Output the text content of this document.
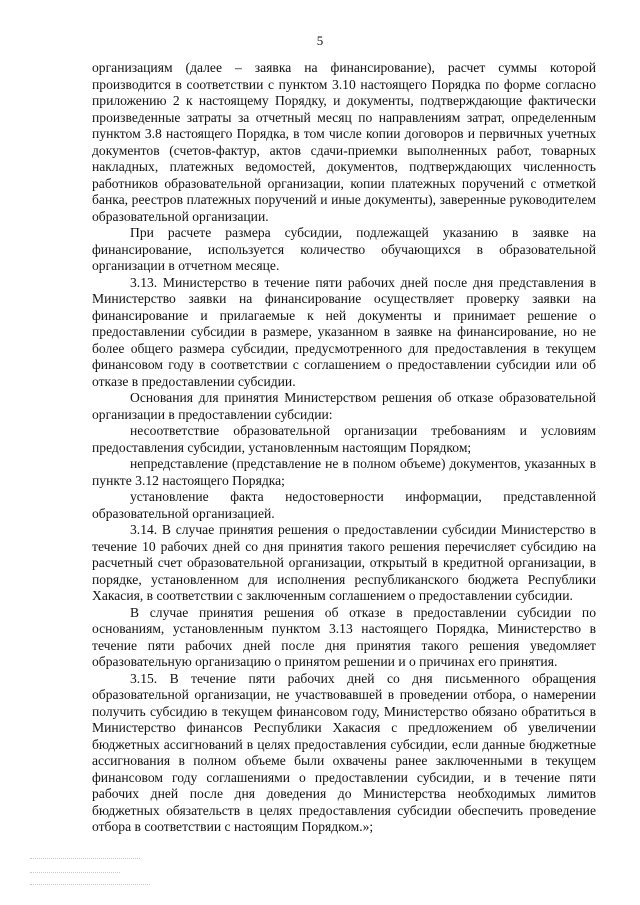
5

организациям (далее – заявка на финансирование), расчет суммы которой производится в соответствии с пунктом 3.10 настоящего Порядка по форме согласно приложению 2 к настоящему Порядку, и документы, подтверждающие фактически произведенные затраты за отчетный месяц по направлениям затрат, определенным пунктом 3.8 настоящего Порядка, в том числе копии договоров и первичных учетных документов (счетов-фактур, актов сдачи-приемки выполненных работ, товарных накладных, платежных ведомостей, документов, подтверждающих численность работников образовательной организации, копии платежных поручений с отметкой банка, реестров платежных поручений и иные документы), заверенные руководителем образовательной организации.

При расчете размера субсидии, подлежащей указанию в заявке на финансирование, используется количество обучающихся в образовательной организации в отчетном месяце.

3.13. Министерство в течение пяти рабочих дней после дня представления в Министерство заявки на финансирование осуществляет проверку заявки на финансирование и прилагаемые к ней документы и принимает решение о предоставлении субсидии в размере, указанном в заявке на финансирование, но не более общего размера субсидии, предусмотренного для предоставления в текущем финансовом году в соответствии с соглашением о предоставлении субсидии или об отказе в предоставлении субсидии.

Основания для принятия Министерством решения об отказе образовательной организации в предоставлении субсидии:

несоответствие образовательной организации требованиям и условиям предоставления субсидии, установленным настоящим Порядком;

непредставление (представление не в полном объеме) документов, указанных в пункте 3.12 настоящего Порядка;

установление факта недостоверности информации, представленной образовательной организацией.

3.14. В случае принятия решения о предоставлении субсидии Министерство в течение 10 рабочих дней со дня принятия такого решения перечисляет субсидию на расчетный счет образовательной организации, открытый в кредитной организации, в порядке, установленном для исполнения республиканского бюджета Республики Хакасия, в соответствии с заключенным соглашением о предоставлении субсидии.

В случае принятия решения об отказе в предоставлении субсидии по основаниям, установленным пунктом 3.13 настоящего Порядка, Министерство в течение пяти рабочих дней после дня принятия такого решения уведомляет образовательную организацию о принятом решении и о причинах его принятия.

3.15. В течение пяти рабочих дней со дня письменного обращения образовательной организации, не участвовавшей в проведении отбора, о намерении получить субсидию в текущем финансовом году, Министерство обязано обратиться в Министерство финансов Республики Хакасия с предложением об увеличении бюджетных ассигнований в целях предоставления субсидии, если данные бюджетные ассигнования в полном объеме были охвачены ранее заключенными в текущем финансовом году соглашениями о предоставлении субсидии, и в течение пяти рабочих дней после дня доведения до Министерства необходимых лимитов бюджетных обязательств в целях предоставления субсидии обеспечить проведение отбора в соответствии с настоящим Порядком.»;
